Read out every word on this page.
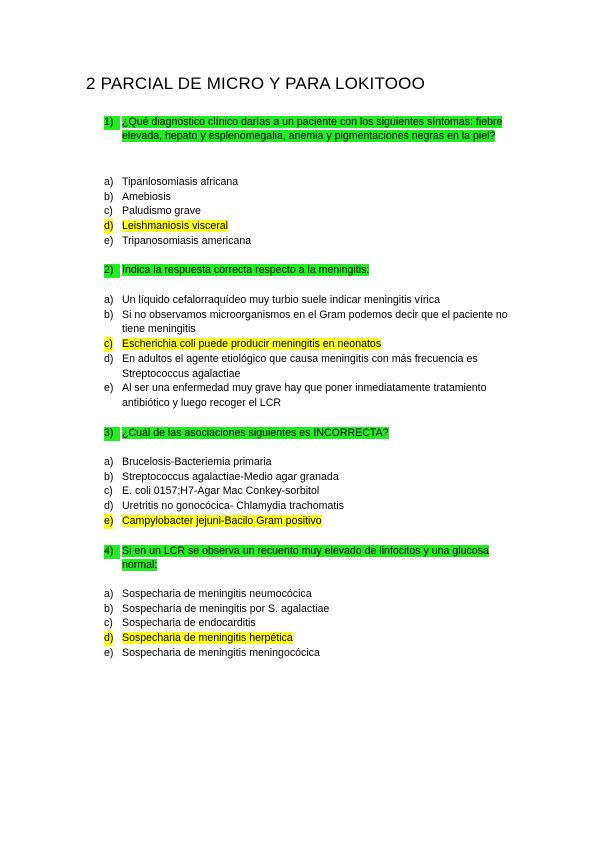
2 PARCIAL DE MICRO Y PARA LOKITOOO
1) ¿Qué diagnóstico clínico darías a un paciente con los siguientes síntomas: fiebre elevada, hepato y esplenomegalia, anemia y pigmentaciones negras en la piel?
a) Tipanlosomiasis africana
b) Amebiosis
c) Paludismo grave
d) Leishmaniosis visceral
e) Tripanosomiasis americana
2) Indica la respuesta correcta respecto a la meningitis:
a) Un líquido cefalorraquídeo muy turbio suele indicar meningitis vírica
b) Si no observamos microorganismos en el Gram podemos decir que el paciente no tiene meningitis
c) Escherichia coli puede producir meningitis en neonatos
d) En adultos el agente etiológico que causa meningitis con más frecuencia es Streptococcus agalactiae
e) Al ser una enfermedad muy grave hay que poner inmediatamente tratamiento antibiótico y luego recoger el LCR
3) ¿Cuál de las asociaciones siguientes es INCORRECTA?
a) Brucelosis-Bacteriemia primaria
b) Streptococcus agalactiae-Medio agar granada
c) E. coli 0157;H7-Agar Mac Conkey-sorbitol
d) Uretritis no gonocócica- Chlamydia trachomatis
e) Campylobacter jejuni-Bacilo Gram positivo
4) Si en un LCR se observa un recuento muy elevado de linfocitos y una glucosa normal:
a) Sospecharia de meningitis neumocócica
b) Sospecharía de meningitis por S. agalactiae
c) Sospecharia de endocarditis
d) Sospecharia de meningitis herpética
e) Sospecharia de meningitis meningocócica
